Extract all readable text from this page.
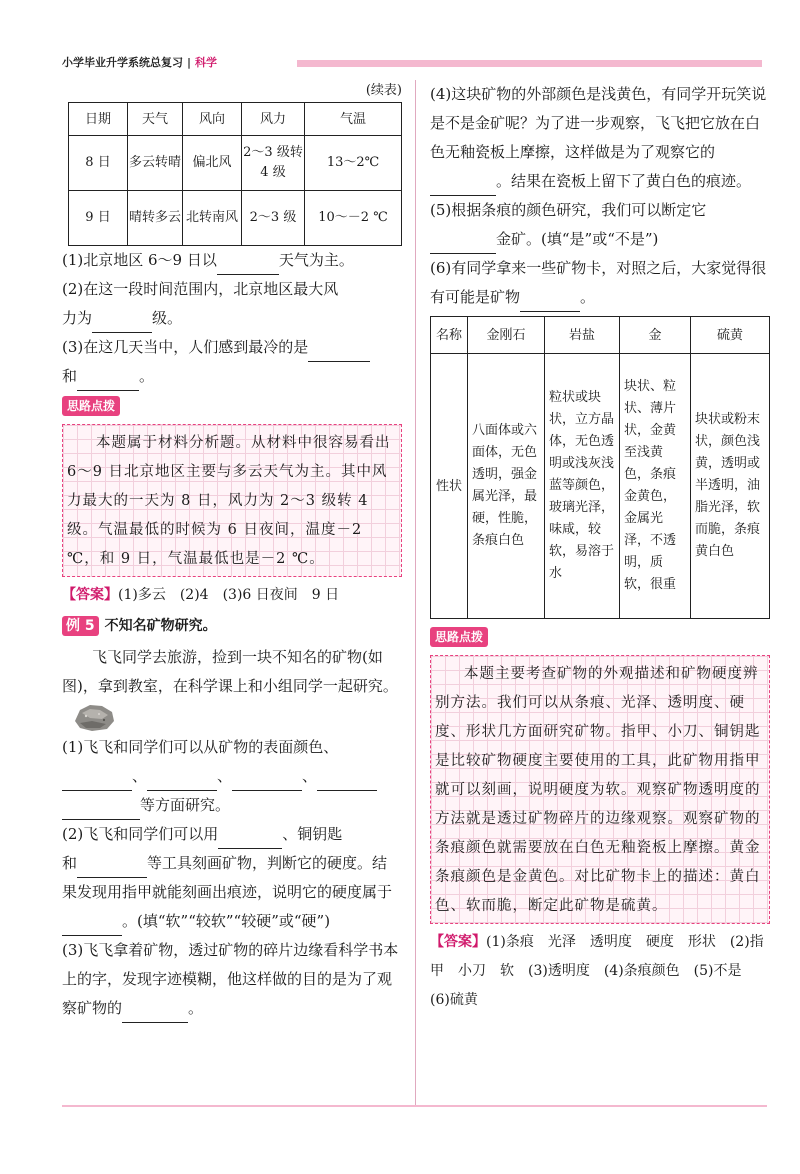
小学毕业升学系统总复习 | 科学
(续表)
日期	天气	风向	风力	气温
8 日	多云转晴	偏北风	2～3 级转 4 级	13～2℃
9 日	晴转多云	北转南风	2～3 级	10～－2 ℃

(1)北京地区 6～9 日以	天气为主。

(2)在这一段时间范围内，北京地区最大风
力为	级。

(3)在这几天当中，人们感到最冷的是
和	。

思路点拨

本题属于材料分析题。从材料中很容易看出 6～9 日北京地区主要与多云天气为主。其中风力最大的一天为 8 日，风力为 2～3 级转 4 级。气温最低的时候为 6 日夜间，温度－2 ℃，和 9 日，气温最低也是－2 ℃。

【答案】(1)多云　(2)4　(3)6 日夜间　9 日
例 5 不知名矿物研究。

飞飞同学去旅游，捡到一块不知名的矿物(如图)，拿到教室，在科学课上和小组同学一起研究。

(1)飞飞和同学们可以从矿物的表面颜色、
、	、	、
等方面研究。

(2)飞飞和同学们可以用	、铜钥匙
和	等工具刻画矿物，判断它的硬度。结果发现用指甲就能刻画出痕迹，说明它的硬度属于。(填“软”“较软”“较硬”或“硬”)

(3)飞飞拿着矿物，透过矿物的碎片边缘看科学书本上的字，发现字迹模糊，他这样做的目的是为了观察矿物的	。

(4)这块矿物的外部颜色是浅黄色，有同学开玩笑说是不是金矿呢？为了进一步观察，飞飞把它放在白色无釉瓷板上摩擦，这样做是为了观察它的。结果在瓷板上留下了黄白色的痕迹。

(5)根据条痕的颜色研究，我们可以断定它
金矿。(填“是”或“不是”)

(6)有同学拿来一些矿物卡，对照之后，大家觉得很有可能是矿物	。

名称	金刚石	岩盐	金	硫黄
性状	八面体或六面体，无色透明，强金属光泽，最硬，性脆，条痕白色	粒状或块状，立方晶体，无色透明或浅灰浅蓝等颜色，玻璃光泽，味咸，较软，易溶于水	块状、粒状、薄片状，金黄至浅黄色，条痕金黄色，金属光泽，不透明，质软，很重	块状或粉末状，颜色浅黄，透明或半透明，油脂光泽，软而脆，条痕黄白色
思路点拨

本题主要考查矿物的外观描述和矿物硬度辨别方法。我们可以从条痕、光泽、透明度、硬度、形状几方面研究矿物。指甲、小刀、铜钥匙是比较矿物硬度主要使用的工具，此矿物用指甲就可以刻画，说明硬度为软。观察矿物透明度的方法就是透过矿物碎片的边缘观察。观察矿物的条痕颜色就需要放在白色无釉瓷板上摩擦。黄金条痕颜色是金黄色。对比矿物卡上的描述：黄白色、软而脆，断定此矿物是硫黄。

【答案】(1)条痕　光泽　透明度　硬度　形状　(2)指甲　小刀　软　(3)透明度　(4)条痕颜色　(5)不是　(6)硫黄
